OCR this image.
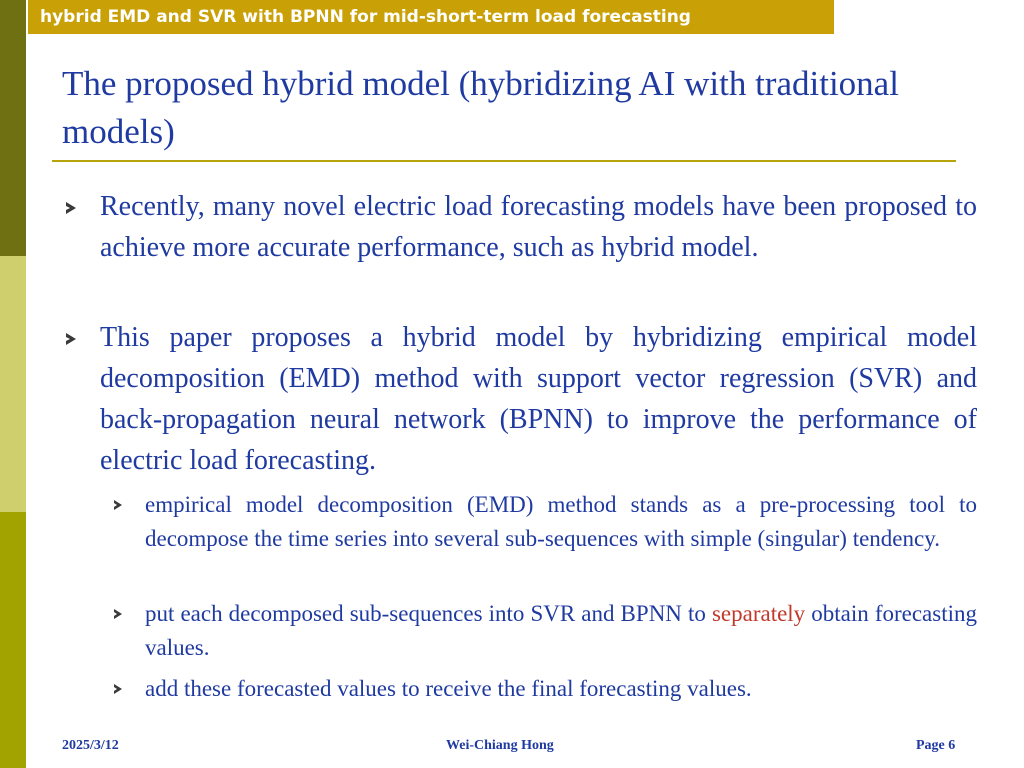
hybrid EMD and SVR with BPNN for mid-short-term load forecasting
The proposed hybrid model (hybridizing AI with traditional models)
Recently, many novel electric load forecasting models have been proposed to achieve more accurate performance, such as hybrid model.
This paper proposes a hybrid model by hybridizing empirical model decomposition (EMD) method with support vector regression (SVR) and back-propagation neural network (BPNN) to improve the performance of electric load forecasting.
empirical model decomposition (EMD) method stands as a pre-processing tool to decompose the time series into several sub-sequences with simple (singular) tendency.
put each decomposed sub-sequences into SVR and BPNN to separately obtain forecasting values.
add these forecasted values to receive the final forecasting values.
2025/3/12	Wei-Chiang Hong	Page 6
